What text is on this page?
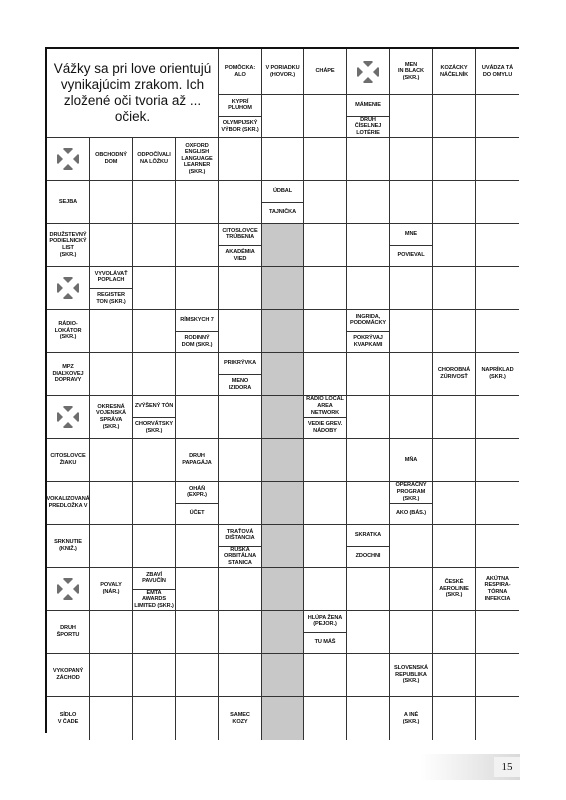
Vážky sa pri love orientujú vynikajúcim zrakom. Ich zložené oči tvoria až ... očiek.
POMÔCKA:
ALO
V PORIADKU
(HOVOR.)
CHÁPE
MEN
IN BLACK
(SKR.)
KOZÁCKY
NÁČELNÍK
UVÁDZA TÁ
DO OMYLU
KYPRÍ
PLUHOM
OLYMPIJSKÝ
VÝBOR (SKR.)
MÁMENIE
DRUH
ČÍSELNEJ
LOTÉRIE
OBCHODNÝ
DOM
ODPOČÍVALI
NA LÔŽKU
OXFORD
ENGLISH
LANGUAGE
LEARNER
(SKR.)
SEJBA
ÚDBAL
TAJNIČKA
DRUŽSTEVNÝ
PODIELNICKÝ
LIST
(SKR.)
CITOSLOVCE
TRÚBENIA
AKADÉMIA
VIED
MNE
POVIEVAL
VYVOLÁVAŤ
POPLACH
REGISTER
TON (SKR.)
RÁDIO-
LOKÁTOR
(SKR.)
RÍMSKYCH 7
RODINNÝ
DOM (SKR.)
INGRIDA,
PODOMÁCKY
POKRÝVAJ
KVAPKAMI
MPZ
DIAĽKOVEJ
DOPRAVY
PRIKRÝVKA
MENO
IZIDORA
CHOROBNÁ
ZÚRIVOSŤ
NAPRÍKLAD
(SKR.)
OKRESNÁ
VOJENSKÁ
SPRÁVA
(SKR.)
ZVÝŠENÝ TÓN
CHORVÁTSKY
(SKR.)
RADIO LOCAL
AREA
NETWORK
VEDIE GREV.
NÁDOBY
CITOSLOVCE
ŽIAKU
DRUH
PAPAGÁJA
MŇA
VOKALIZOVANÁ
PREDLOŽKA V
OHÁŇ
(EXPR.)
ÚČET
OPERAČNÝ
PROGRAM
(SKR.)
AKO (BÁS.)
SRKNUTIE
(KNIŽ.)
TRAŤOVÁ
DIŠTANCIA
RUSKÁ
ORBITÁLNA
STANICA
SKRATKA
ZDOCHNI
POVALY
(NÁR.)
ZBAVÍ
PAVUČÍN
EMTA AWARDS
LIMITED (SKR.)
ČESKÉ
AEROLINIE
(SKR.)
AKÚTNA
RESPIRA-
TÓRNA
INFEKCIA
DRUH
ŠPORTU
HLÚPA ŽENA
(PEJOR.)
TU MÁŠ
VYKOPANÝ
ZÁCHOD
SLOVENSKÁ
REPUBLIKA
(SKR.)
SÍDLO
V ČADE
SAMEC
KOZY
A INÉ
(SKR.)
15
